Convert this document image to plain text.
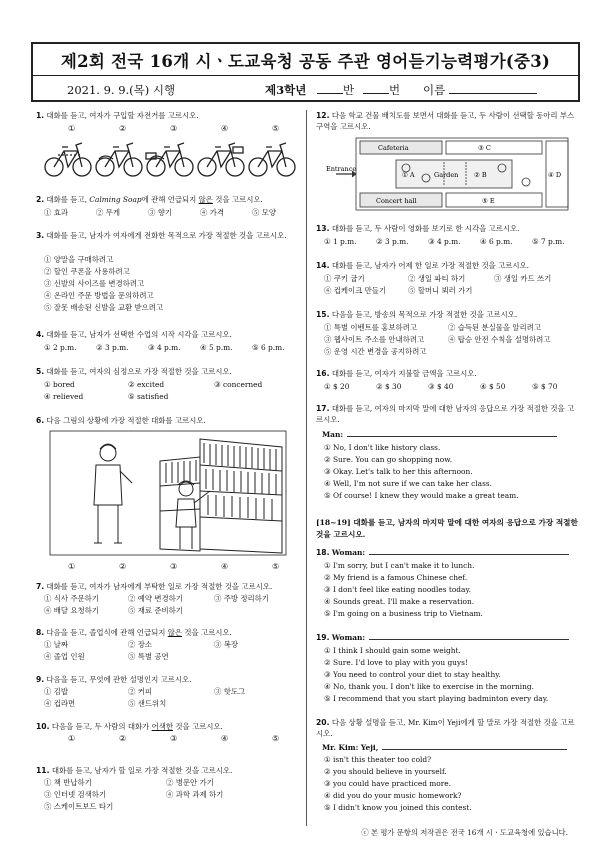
제2회 전국 16개 시ㆍ도교육청 공동 주관 영어듣기능력평가(중3)
2021. 9. 9.(목) 시행	제3학년	반	번 이름
1. 대화를 듣고, 여자가 구입할 자전거를 고르시오.
①	②	③	④	⑤
2. 대화를 듣고, Calming Soap에 관해 언급되지 않은 것을 고르시오.
① 효과	② 무게	③ 향기	④ 가격	⑤ 모양
3. 대화를 듣고, 남자가 여자에게 전화한 목적으로 가장 적절한 것을 고르시오.
① 양말을 구매하려고
② 할인 쿠폰을 사용하려고
③ 신발의 사이즈를 변경하려고
④ 온라인 주문 방법을 문의하려고
⑤ 잘못 배송된 신발을 교환 받으려고
4. 대화를 듣고, 남자가 선택한 수업의 시작 시각을 고르시오.
① 2 p.m.	② 3 p.m.	③ 4 p.m.	④ 5 p.m.	⑤ 6 p.m.
5. 대화를 듣고, 여자의 심정으로 가장 적절한 것을 고르시오.
① bored	② excited	③ concerned
④ relieved	⑤ satisfied
6. 다음 그림의 상황에 가장 적절한 대화를 고르시오.
①	②	③	④	⑤
7. 대화를 듣고, 여자가 남자에게 부탁한 일로 가장 적절한 것을 고르시오.
① 식사 주문하기	② 예약 변경하기	③ 주방 정리하기
④ 배달 요청하기	⑤ 재료 준비하기
8. 다음을 듣고, 졸업식에 관해 언급되지 않은 것을 고르시오.
① 날짜	② 장소	③ 복장
④ 졸업 인원	⑤ 특별 공연
9. 다음을 듣고, 무엇에 관한 설명인지 고르시오.
① 김밥	② 커피	③ 핫도그
④ 컵라면	⑤ 샌드위치
10. 다음을 듣고, 두 사람의 대화가 어색한 것을 고르시오.
①	②	③	④	⑤
11. 대화를 듣고, 남자가 할 일로 가장 적절한 것을 고르시오.
① 책 반납하기	② 병문안 가기
③ 인터넷 검색하기	④ 과학 과제 하기
⑤ 스케이트보드 타기
12. 다음 학교 건물 배치도를 보면서 대화를 듣고, 두 사람이 선택할 동아리 부스 구역을 고르시오.
Cafeteria	③ C
Entrance
① A	Garden ② B	④ D
Concert hall	⑤ E
13. 대화를 듣고, 두 사람이 영화를 보기로 한 시각을 고르시오.
① 1 p.m.	② 3 p.m.	③ 4 p.m.	④ 6 p.m.	⑤ 7 p.m.
14. 대화를 듣고, 남자가 어제 한 일로 가장 적절한 것을 고르시오.
① 쿠키 굽기	② 생일 파티 하기	③ 생일 카드 쓰기
④ 컵케이크 만들기	⑤ 할머니 뵈러 가기
15. 다음을 듣고, 방송의 목적으로 가장 적절한 것을 고르시오.
① 특별 이벤트를 홍보하려고	② 습득된 분실물을 알리려고
③ 웹사이트 주소를 안내하려고	④ 탑승 안전 수칙을 설명하려고
⑤ 운영 시간 변경을 공지하려고
16. 대화를 듣고, 여자가 지불할 금액을 고르시오.
① $ 20	② $ 30	③ $ 40	④ $ 50	⑤ $ 70
17. 대화를 듣고, 여자의 마지막 말에 대한 남자의 응답으로 가장 적절한 것을 고르시오.
Man:
① No, I don't like history class.
② Sure. You can go shopping now.
③ Okay. Let's talk to her this afternoon.
④ Well, I'm not sure if we can take her class.
⑤ Of course! I knew they would make a great team.
[18~19] 대화를 듣고, 남자의 마지막 말에 대한 여자의 응답으로 가장 적절한 것을 고르시오.
18. Woman:
① I'm sorry, but I can't make it to lunch.
② My friend is a famous Chinese chef.
③ I don't feel like eating noodles today.
④ Sounds great. I'll make a reservation.
⑤ I'm going on a business trip to Vietnam.
19. Woman:
① I think I should gain some weight.
② Sure. I'd love to play with you guys!
③ You need to control your diet to stay healthy.
④ No, thank you. I don't like to exercise in the morning.
⑤ I recommend that you start playing badminton every day.
20. 다음 상황 설명을 듣고, Mr. Kim이 Yeji에게 할 말로 가장 적절한 것을 고르시오.
Mr. Kim: Yeji,
① isn't this theater too cold?
② you should believe in yourself.
③ you could have practiced more.
④ did you do your music homework?
⑤ I didn't know you joined this contest.
ⓒ 본 평가 문항의 저작권은 전국 16개 시ㆍ도교육청에 있습니다.
